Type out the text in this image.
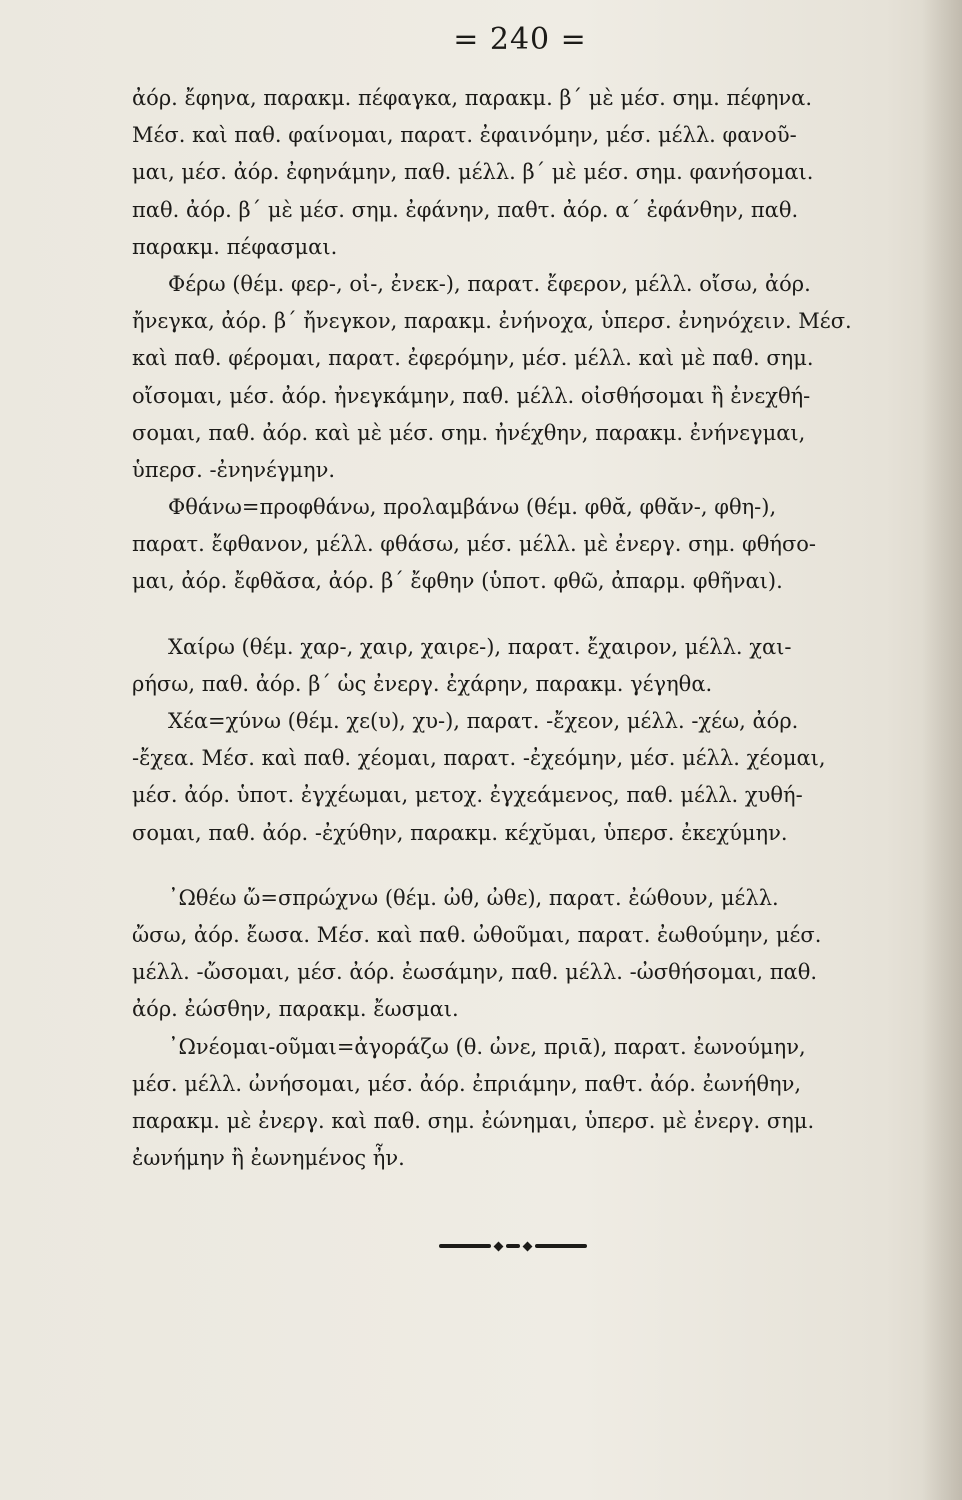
= 240 =
ἀόρ. ἔφηνα, παρακμ. πέφαγκα, παρακμ. β΄ μὲ μέσ. σημ. πέφηνα.
Μέσ. καὶ παθ. φαίνομαι, παρατ. ἐφαινόμην, μέσ. μέλλ. φανοῦ-
μαι, μέσ. ἀόρ. ἐφηνάμην, παθ. μέλλ. β΄ μὲ μέσ. σημ. φανήσομαι.
παθ. ἀόρ. β΄ μὲ μέσ. σημ. ἐφάνην, παθτ. ἀόρ. α΄ ἐφάνθην, παθ.
παρακμ. πέφασμαι.
Φέρω (θέμ. φερ-, οἰ-, ἐνεκ-), παρατ. ἔφερον, μέλλ. οἴσω, ἀόρ.
ἤνεγκα, ἀόρ. β΄ ἤνεγκον, παρακμ. ἐνήνοχα, ὑπερσ. ἐνηνόχειν. Μέσ.
καὶ παθ. φέρομαι, παρατ. ἐφερόμην, μέσ. μέλλ. καὶ μὲ παθ. σημ.
οἴσομαι, μέσ. ἀόρ. ἠνεγκάμην, παθ. μέλλ. οἰσθήσομαι ἢ ἐνεχθή-
σομαι, παθ. ἀόρ. καὶ μὲ μέσ. σημ. ἠνέχθην, παρακμ. ἐνήνεγμαι,
ὑπερσ. -ἐνηνέγμην.
Φθάνω=προφθάνω, προλαμβάνω (θέμ. φθᾰ, φθᾰν-, φθη-),
παρατ. ἔφθανον, μέλλ. φθάσω, μέσ. μέλλ. μὲ ἐνεργ. σημ. φθήσο-
μαι, ἀόρ. ἔφθᾰσα, ἀόρ. β΄ ἔφθην (ὑποτ. φθῶ, ἀπαρμ. φθῆναι).
Χαίρω (θέμ. χαρ-, χαιρ, χαιρε-), παρατ. ἔχαιρον, μέλλ. χαι-
ρήσω, παθ. ἀόρ. β΄ ὡς ἐνεργ. ἐχάρην, παρακμ. γέγηθα.
Χέα=χύνω (θέμ. χε(υ), χυ-), παρατ. -ἔχεον, μέλλ. -χέω, ἀόρ.
-ἔχεα. Μέσ. καὶ παθ. χέομαι, παρατ. -ἐχεόμην, μέσ. μέλλ. χέομαι,
μέσ. ἀόρ. ὑποτ. ἐγχέωμαι, μετοχ. ἐγχεάμενος, παθ. μέλλ. χυθή-
σομαι, παθ. ἀόρ. -ἐχύθην, παρακμ. κέχῠμαι, ὑπερσ. ἐκεχύμην.
᾿Ωθέω ὤ=σπρώχνω (θέμ. ὠθ, ὠθε), παρατ. ἐώθουν, μέλλ.
ὤσω, ἀόρ. ἔωσα. Μέσ. καὶ παθ. ὠθοῦμαι, παρατ. ἐωθούμην, μέσ.
μέλλ. -ὤσομαι, μέσ. ἀόρ. ἐωσάμην, παθ. μέλλ. -ὠσθήσομαι, παθ.
ἀόρ. ἐώσθην, παρακμ. ἔωσμαι.
᾿Ωνέομαι-οῦμαι=ἀγοράζω (θ. ὠνε, πριᾱ), παρατ. ἐωνούμην,
μέσ. μέλλ. ὠνήσομαι, μέσ. ἀόρ. ἐπριάμην, παθτ. ἀόρ. ἐωνήθην,
παρακμ. μὲ ἐνεργ. καὶ παθ. σημ. ἐώνημαι, ὑπερσ. μὲ ἐνεργ. σημ.
ἐωνήμην ἢ ἐωνημένος ἦν.
